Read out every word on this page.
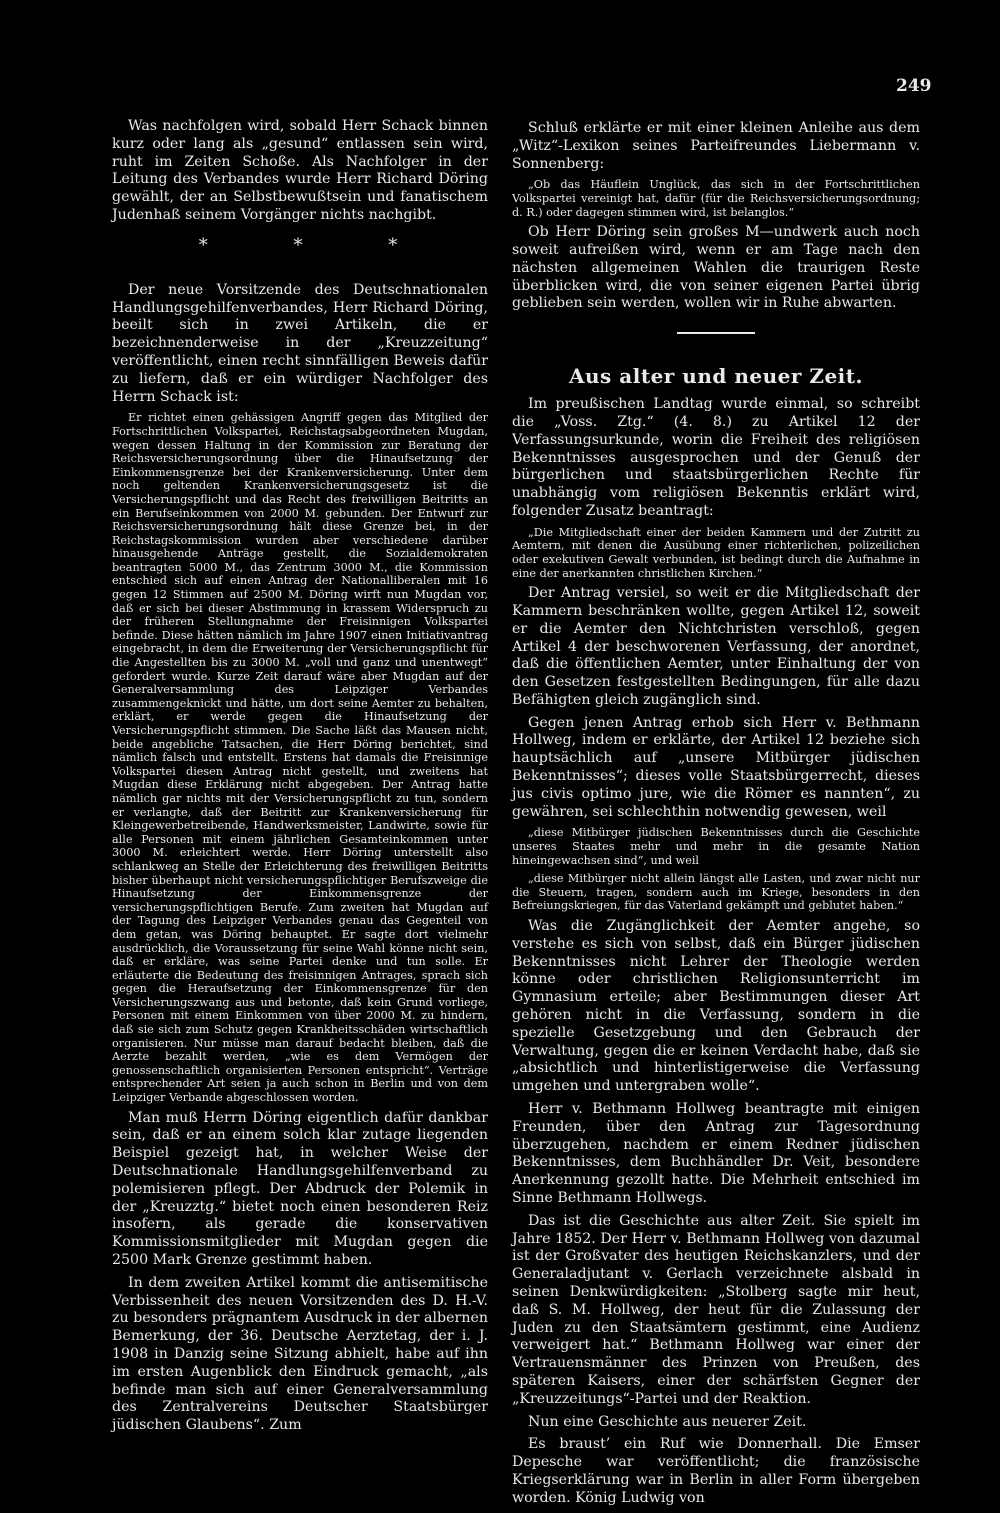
249

Was nachfolgen wird, sobald Herr Schack binnen kurz oder lang als „gesund“ entlassen sein wird, ruht im Zeiten Schoße. Als Nachfolger in der Leitung des Verbandes wurde Herr Richard Döring gewählt, der an Selbstbewußtsein und fanatischem Judenhaß seinem Vorgänger nichts nachgibt.

* * *

Der neue Vorsitzende des Deutschnationalen Handlungsgehilfenverbandes, Herr Richard Döring, beeilt sich in zwei Artikeln, die er bezeichnenderweise in der „Kreuzzeitung“ veröffentlicht, einen recht sinnfälligen Beweis dafür zu liefern, daß er ein würdiger Nachfolger des Herrn Schack ist:

Er richtet einen gehässigen Angriff gegen das Mitglied der Fortschrittlichen Volkspartei, Reichstagsabgeordneten Mugdan, wegen dessen Haltung in der Kommission zur Beratung der Reichsversicherungsordnung über die Hinaufsetzung der Einkommensgrenze bei der Krankenversicherung. Unter dem noch geltenden Krankenversicherungsgesetz ist die Versicherungspflicht und das Recht des freiwilligen Beitritts an ein Berufseinkommen von 2000 M. gebunden. Der Entwurf zur Reichsversicherungsordnung hält diese Grenze bei, in der Reichstagskommission wurden aber verschiedene darüber hinausgehende Anträge gestellt, die Sozialdemokraten beantragten 5000 M., das Zentrum 3000 M., die Kommission entschied sich auf einen Antrag der Nationalliberalen mit 16 gegen 12 Stimmen auf 2500 M. Döring wirft nun Mugdan vor, daß er sich bei dieser Abstimmung in krassem Widerspruch zu der früheren Stellungnahme der Freisinnigen Volkspartei befinde. Diese hätten nämlich im Jahre 1907 einen Initiativantrag eingebracht, in dem die Erweiterung der Versicherungspflicht für die Angestellten bis zu 3000 M. „voll und ganz und unentwegt“ gefordert wurde. Kurze Zeit darauf wäre aber Mugdan auf der Generalversammlung des Leipziger Verbandes zusammengeknickt und hätte, um dort seine Aemter zu behalten, erklärt, er werde gegen die Hinaufsetzung der Versicherungspflicht stimmen. Die Sache läßt das Mausen nicht, beide angebliche Tatsachen, die Herr Döring berichtet, sind nämlich falsch und entstellt. Erstens hat damals die Freisinnige Volkspartei diesen Antrag nicht gestellt, und zweitens hat Mugdan diese Erklärung nicht abgegeben. Der Antrag hatte nämlich gar nichts mit der Versicherungspflicht zu tun, sondern er verlangte, daß der Beitritt zur Krankenversicherung für Kleingewerbetreibende, Handwerksmeister, Landwirte, sowie für alle Personen mit einem jährlichen Gesamteinkommen unter 3000 M. erleichtert werde. Herr Döring unterstellt also schlankweg an Stelle der Erleichterung des freiwilligen Beitritts bisher überhaupt nicht versicherungspflichtiger Berufszweige die Hinaufsetzung der Einkommensgrenze der versicherungspflichtigen Berufe. Zum zweiten hat Mugdan auf der Tagung des Leipziger Verbandes genau das Gegenteil von dem getan, was Döring behauptet. Er sagte dort vielmehr ausdrücklich, die Voraussetzung für seine Wahl könne nicht sein, daß er erkläre, was seine Partei denke und tun solle. Er erläuterte die Bedeutung des freisinnigen Antrages, sprach sich gegen die Heraufsetzung der Einkommensgrenze für den Versicherungszwang aus und betonte, daß kein Grund vorliege, Personen mit einem Einkommen von über 2000 M. zu hindern, daß sie sich zum Schutz gegen Krankheitsschäden wirtschaftlich organisieren. Nur müsse man darauf bedacht bleiben, daß die Aerzte bezahlt werden, „wie es dem Vermögen der genossenschaftlich organisierten Personen entspricht“. Verträge entsprechender Art seien ja auch schon in Berlin und von dem Leipziger Verbande abgeschlossen worden.

Man muß Herrn Döring eigentlich dafür dankbar sein, daß er an einem solch klar zutage liegenden Beispiel gezeigt hat, in welcher Weise der Deutschnationale Handlungsgehilfenverband zu polemisieren pflegt. Der Abdruck der Polemik in der „Kreuzztg.“ bietet noch einen besonderen Reiz insofern, als gerade die konservativen Kommissionsmitglieder mit Mugdan gegen die 2500 Mark Grenze gestimmt haben.

In dem zweiten Artikel kommt die antisemitische Verbissenheit des neuen Vorsitzenden des D. H.-V. zu besonders prägnantem Ausdruck in der albernen Bemerkung, der 36. Deutsche Aerztetag, der i. J. 1908 in Danzig seine Sitzung abhielt, habe auf ihn im ersten Augenblick den Eindruck gemacht, „als befinde man sich auf einer Generalversammlung des Zentralvereins Deutscher Staatsbürger jüdischen Glaubens“. Zum

Schluß erklärte er mit einer kleinen Anleihe aus dem „Witz“-Lexikon seines Parteifreundes Liebermann v. Sonnenberg:

„Ob das Häuflein Unglück, das sich in der Fortschrittlichen Volkspartei vereinigt hat, dafür (für die Reichsversicherungsordnung; d. R.) oder dagegen stimmen wird, ist belanglos.“

Ob Herr Döring sein großes M—undwerk auch noch soweit aufreißen wird, wenn er am Tage nach den nächsten allgemeinen Wahlen die traurigen Reste überblicken wird, die von seiner eigenen Partei übrig geblieben sein werden, wollen wir in Ruhe abwarten.

Aus alter und neuer Zeit.

Im preußischen Landtag wurde einmal, so schreibt die „Voss. Ztg.“ (4. 8.) zu Artikel 12 der Verfassungsurkunde, worin die Freiheit des religiösen Bekenntnisses ausgesprochen und der Genuß der bürgerlichen und staatsbürgerlichen Rechte für unabhängig vom religiösen Bekenntis erklärt wird, folgender Zusatz beantragt:

„Die Mitgliedschaft einer der beiden Kammern und der Zutritt zu Aemtern, mit denen die Ausübung einer richterlichen, polizeilichen oder exekutiven Gewalt verbunden, ist bedingt durch die Aufnahme in eine der anerkannten christlichen Kirchen.“

Der Antrag versiel, so weit er die Mitgliedschaft der Kammern beschränken wollte, gegen Artikel 12, soweit er die Aemter den Nichtchristen verschloß, gegen Artikel 4 der beschworenen Verfassung, der anordnet, daß die öffentlichen Aemter, unter Einhaltung der von den Gesetzen festgestellten Bedingungen, für alle dazu Befähigten gleich zugänglich sind.

Gegen jenen Antrag erhob sich Herr v. Bethmann Hollweg, indem er erklärte, der Artikel 12 beziehe sich hauptsächlich auf „unsere Mitbürger jüdischen Bekenntnisses“; dieses volle Staatsbürgerrecht, dieses jus civis optimo jure, wie die Römer es nannten“, zu gewähren, sei schlechthin notwendig gewesen, weil

„diese Mitbürger jüdischen Bekenntnisses durch die Geschichte unseres Staates mehr und mehr in die gesamte Nation hineingewachsen sind“, und weil

„diese Mitbürger nicht allein längst alle Lasten, und zwar nicht nur die Steuern, tragen, sondern auch im Kriege, besonders in den Befreiungskriegen, für das Vaterland gekämpft und geblutet haben.“

Was die Zugänglichkeit der Aemter angehe, so verstehe es sich von selbst, daß ein Bürger jüdischen Bekenntnisses nicht Lehrer der Theologie werden könne oder christlichen Religionsunterricht im Gymnasium erteile; aber Bestimmungen dieser Art gehören nicht in die Verfassung, sondern in die spezielle Gesetzgebung und den Gebrauch der Verwaltung, gegen die er keinen Verdacht habe, daß sie „absichtlich und hinterlistigerweise die Verfassung umgehen und untergraben wolle“.

Herr v. Bethmann Hollweg beantragte mit einigen Freunden, über den Antrag zur Tagesordnung überzugehen, nachdem er einem Redner jüdischen Bekenntnisses, dem Buchhändler Dr. Veit, besondere Anerkennung gezollt hatte. Die Mehrheit entschied im Sinne Bethmann Hollwegs.

Das ist die Geschichte aus alter Zeit. Sie spielt im Jahre 1852. Der Herr v. Bethmann Hollweg von dazumal ist der Großvater des heutigen Reichskanzlers, und der Generaladjutant v. Gerlach verzeichnete alsbald in seinen Denkwürdigkeiten: „Stolberg sagte mir heut, daß S. M. Hollweg, der heut für die Zulassung der Juden zu den Staatsämtern gestimmt, eine Audienz verweigert hat.“ Bethmann Hollweg war einer der Vertrauensmänner des Prinzen von Preußen, des späteren Kaisers, einer der schärfsten Gegner der „Kreuzzeitungs“-Partei und der Reaktion.

Nun eine Geschichte aus neuerer Zeit.

Es braust’ ein Ruf wie Donnerhall. Die Emser Depesche war veröffentlicht; die französische Kriegserklärung war in Berlin in aller Form übergeben worden. König Ludwig von
